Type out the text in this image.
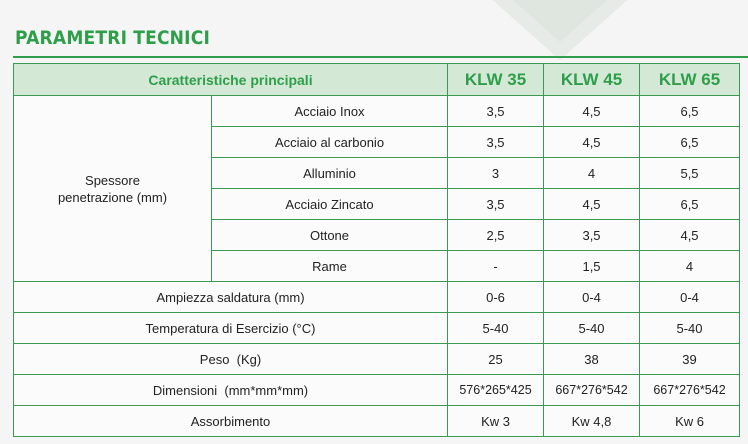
PARAMETRI TECNICI
Caratteristiche principali		KLW 35	KLW 45	KLW 65
Spessore
penetrazione (mm)	Acciaio Inox	3,5	4,5	6,5
	Acciaio al carbonio	3,5	4,5	6,5
	Alluminio	3	4	5,5
	Acciaio Zincato	3,5	4,5	6,5
	Ottone	2,5	3,5	4,5
	Rame	-	1,5	4
Ampiezza saldatura (mm)		0-6	0-4	0-4
Temperatura di Esercizio (°C)		5-40	5-40	5-40
Peso  (Kg)		25	38	39
Dimensioni  (mm*mm*mm)		576*265*425	667*276*542	667*276*542
Assorbimento		Kw 3	Kw 4,8	Kw 6
